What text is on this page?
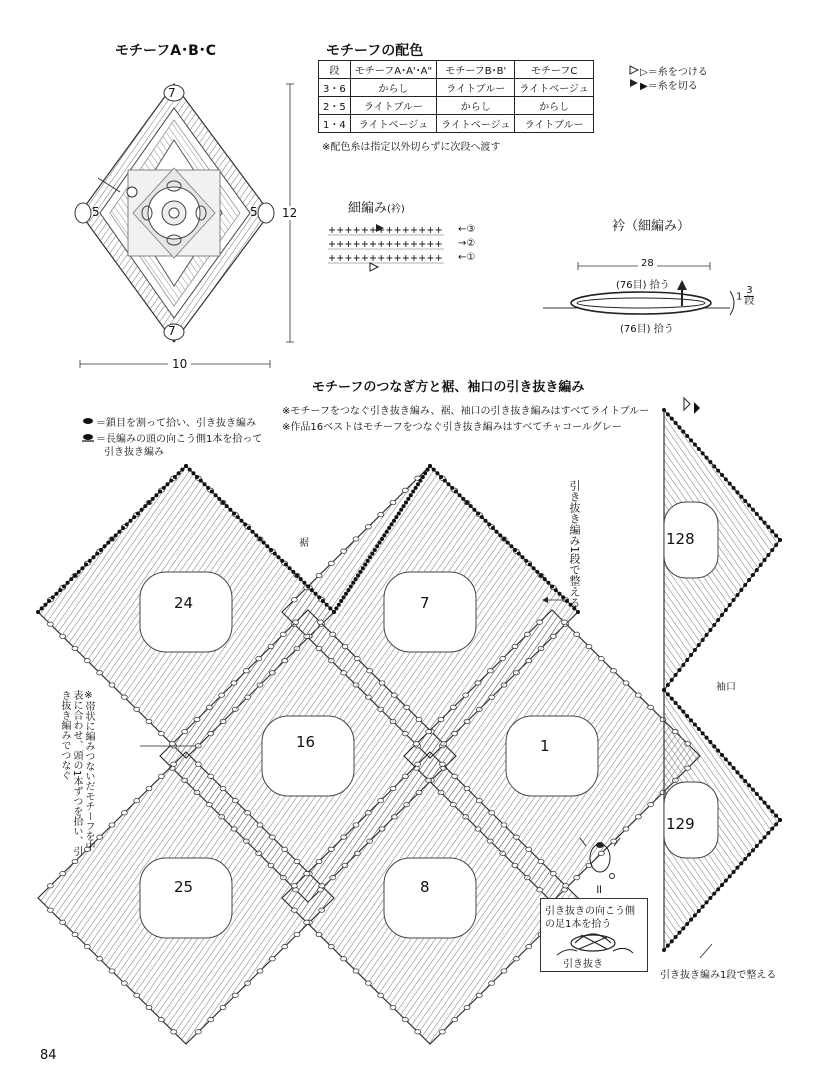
モチーフA･B･C
7
5	5
7
10
12
モチーフの配色
段	モチーフA･A'･A"	モチーフB･B'	モチーフC
3・6	からし	ライトブルー	ライトベージュ
2・5	ライトブルー	からし	からし
1・4	ライトベージュ	ライトベージュ	ライトブルー
※配色糸は指定以外切らずに次段へ渡す
▷＝糸をつける
▶＝糸を切る
細編み(衿)
←③
→②
←①
衿（細編み）
28
(76目) 拾う
(76目) 拾う
1
3
段
モチーフのつなぎ方と裾、袖口の引き抜き編み
＝鎖目を割って拾い、引き抜き編み
＝長編みの頭の向こう側1本を拾って
引き抜き編み
※モチーフをつなぐ引き抜き編み、裾、袖口の引き抜き編みはすべてライトブルー
※作品16ベストはモチーフをつなぐ引き抜き編みはすべてチャコールグレー
裾	引き抜き編み1段で整える
袖口
引き抜き編み1段で整える
※帯状に編みつないだモチーフを中表に合わせ、頭の1本ずつを拾い、引き抜き編みでつなぐ
24	7
16	1
25	8
128
129
॥
引き抜きの向こう側
の足1本を拾う
引き抜き
84
